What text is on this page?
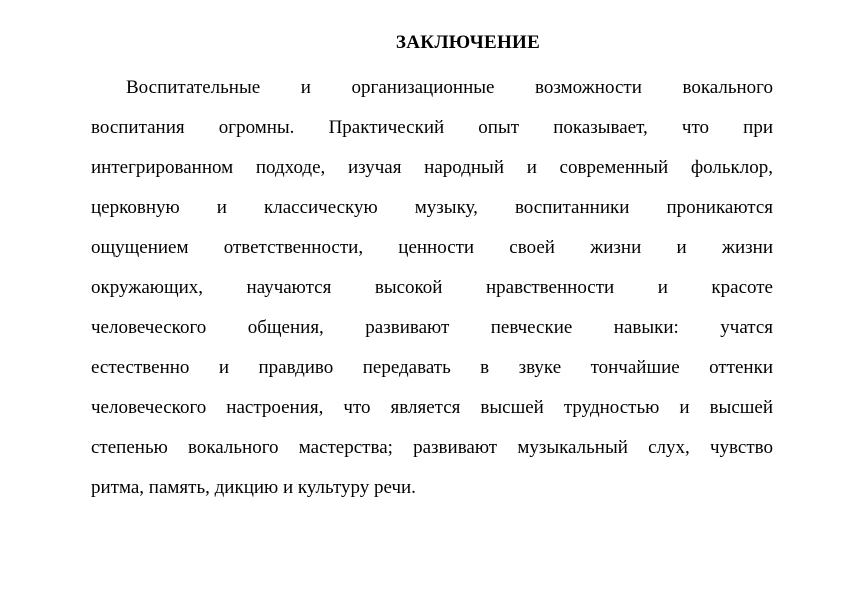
ЗАКЛЮЧЕНИЕ
Воспитательные и организационные возможности вокального
воспитания огромны. Практический опыт показывает, что при
интегрированном подходе, изучая народный и современный фольклор,
церковную и классическую музыку, воспитанники проникаются
ощущением ответственности, ценности своей жизни и жизни
окружающих, научаются высокой нравственности и красоте
человеческого общения, развивают певческие навыки: учатся
естественно и правдиво передавать в звуке тончайшие оттенки
человеческого настроения, что является высшей трудностью и высшей
степенью вокального мастерства; развивают музыкальный слух, чувство
ритма, память, дикцию и культуру речи.
